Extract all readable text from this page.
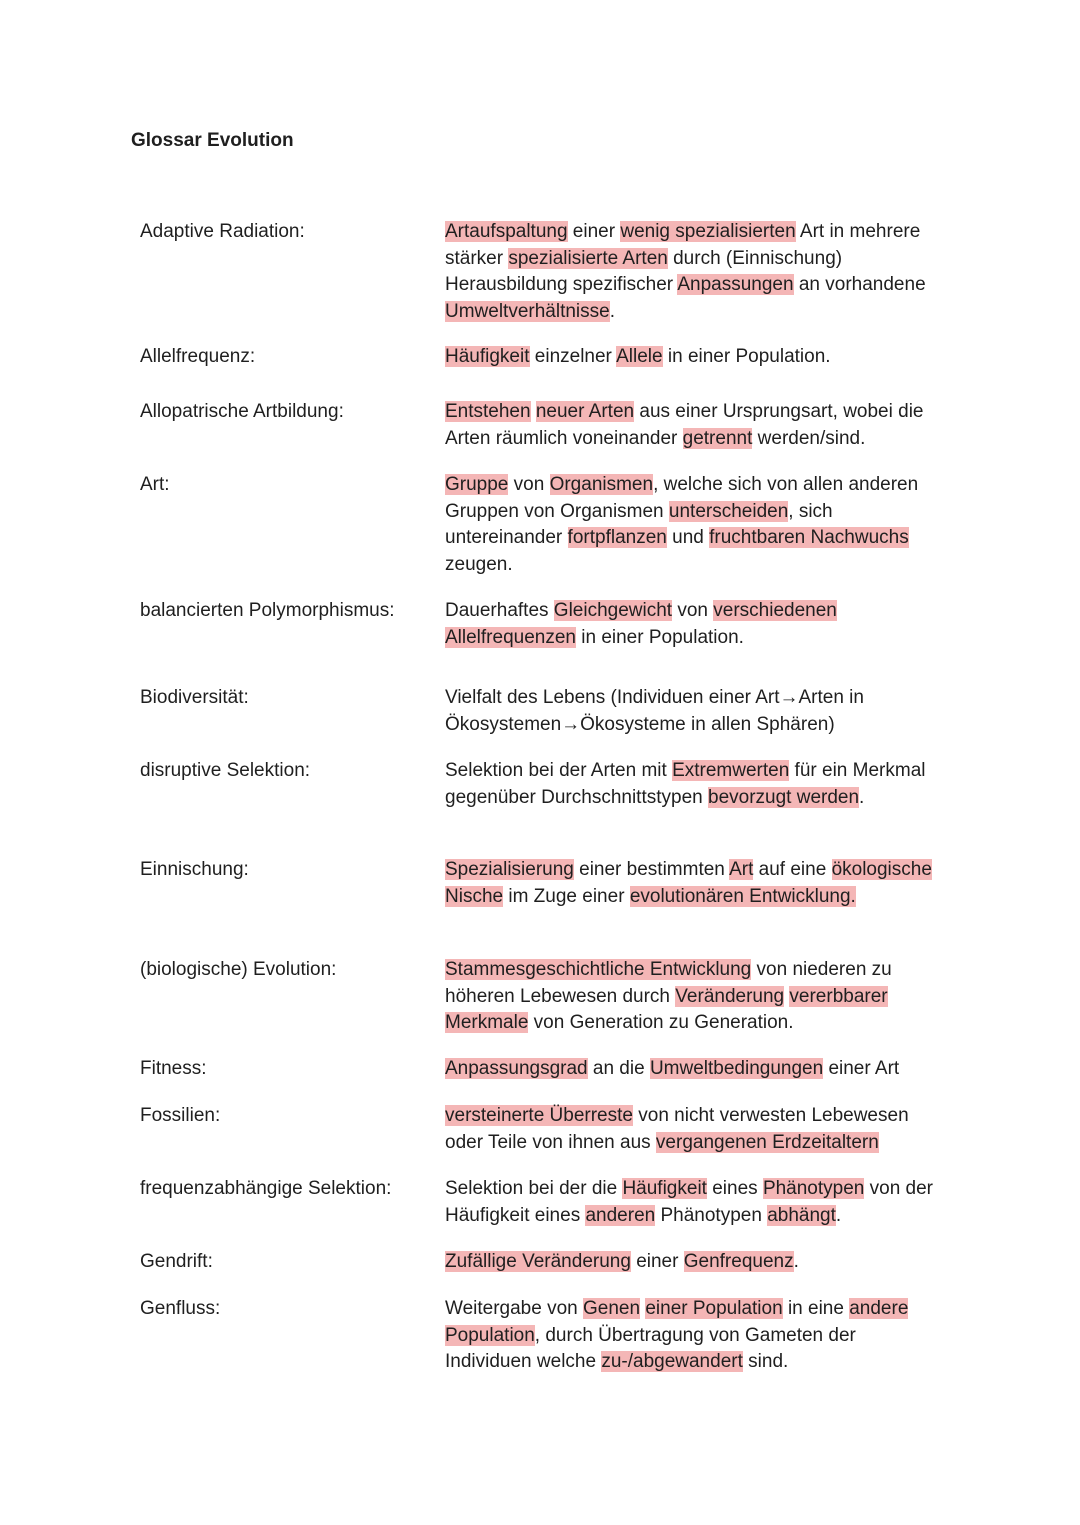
Glossar Evolution
Adaptive Radiation:	Artaufspaltung einer wenig spezialisierten Art in mehrere stärker spezialisierte Arten durch (Einnischung) Herausbildung spezifischer Anpassungen an vorhandene Umweltverhältnisse.
Allelfrequenz:	Häufigkeit einzelner Allele in einer Population.
Allopatrische Artbildung:	Entstehen neuer Arten aus einer Ursprungsart, wobei die Arten räumlich voneinander getrennt werden/sind.
Art:	Gruppe von Organismen, welche sich von allen anderen Gruppen von Organismen unterscheiden, sich untereinander fortpflanzen und fruchtbaren Nachwuchs zeugen.
balancierten Polymorphismus:	Dauerhaftes Gleichgewicht von verschiedenen Allelfrequenzen in einer Population.
Biodiversität:	Vielfalt des Lebens (Individuen einer Art→Arten in Ökosystemen→Ökosysteme in allen Sphären)
disruptive Selektion:	Selektion bei der Arten mit Extremwerten für ein Merkmal gegenüber Durchschnittstypen bevorzugt werden.
Einnischung:	Spezialisierung einer bestimmten Art auf eine ökologische Nische im Zuge einer evolutionären Entwicklung.
(biologische) Evolution:	Stammesgeschichtliche Entwicklung von niederen zu höheren Lebewesen durch Veränderung vererbbarer Merkmale von Generation zu Generation.
Fitness:	Anpassungsgrad an die Umweltbedingungen einer Art
Fossilien:	versteinerte Überreste von nicht verwesten Lebewesen oder Teile von ihnen aus vergangenen Erdzeitaltern
frequenzabhängige Selektion:	Selektion bei der die Häufigkeit eines Phänotypen von der Häufigkeit eines anderen Phänotypen abhängt.
Gendrift:	Zufällige Veränderung einer Genfrequenz.
Genfluss:	Weitergabe von Genen einer Population in eine andere Population, durch Übertragung von Gameten der Individuen welche zu-/abgewandert sind.
